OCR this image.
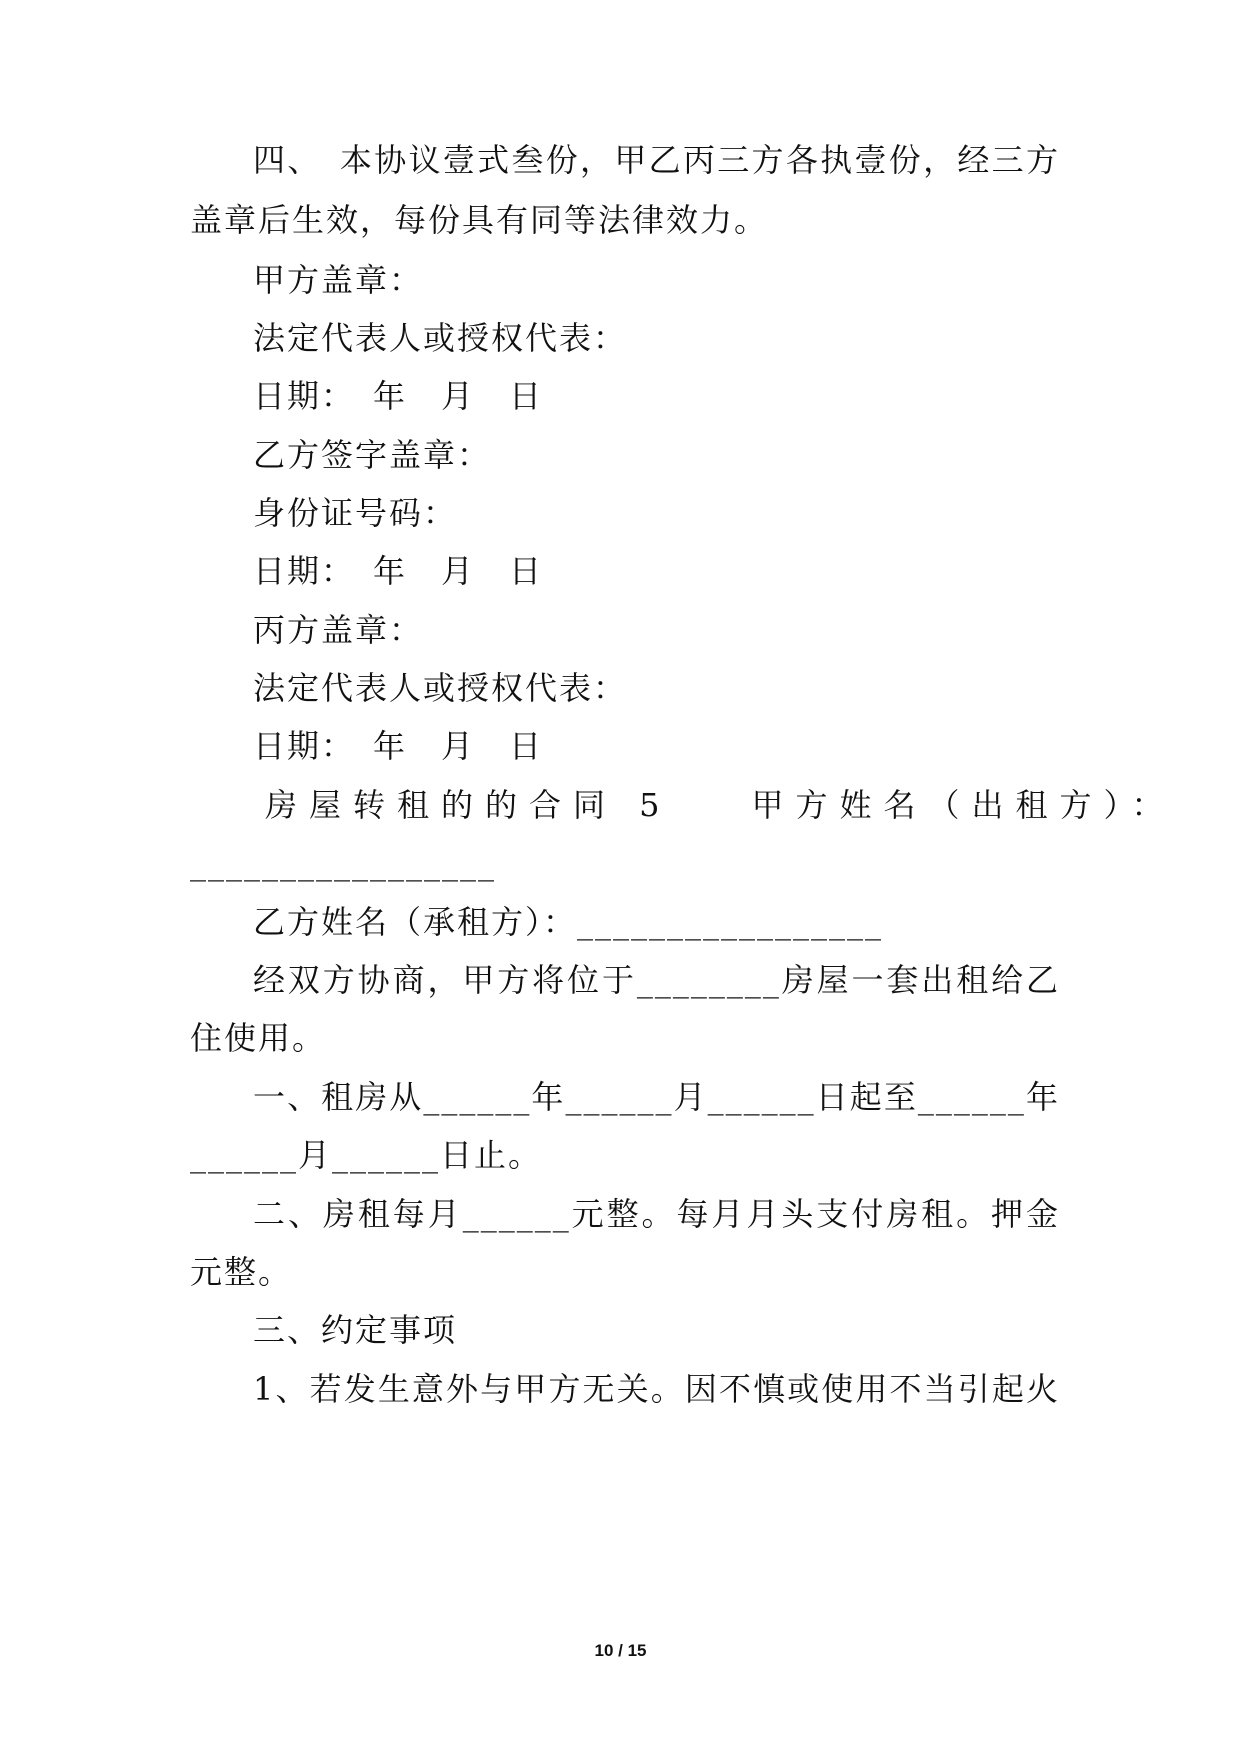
四、　本协议壹式叁份，甲乙丙三方各执壹份，经三方
盖章后生效，每份具有同等法律效力。
甲方盖章：
法定代表人或授权代表：
日期：　年　月　日
乙方签字盖章：
身份证号码：
日期：　年　月　日
丙方盖章：
法定代表人或授权代表：
日期：　年　月　日
房屋转租的的合同 5	甲方姓名（出租方）：
_________________
乙方姓名（承租方）：_________________
经双方协商，甲方将位于________房屋一套出租给乙
住使用。
一、租房从______年______月______日起至______年
______月______日止。
二、房租每月______元整。每月月头支付房租。押金
元整。
三、约定事项
1、若发生意外与甲方无关。因不慎或使用不当引起火
10 / 15
